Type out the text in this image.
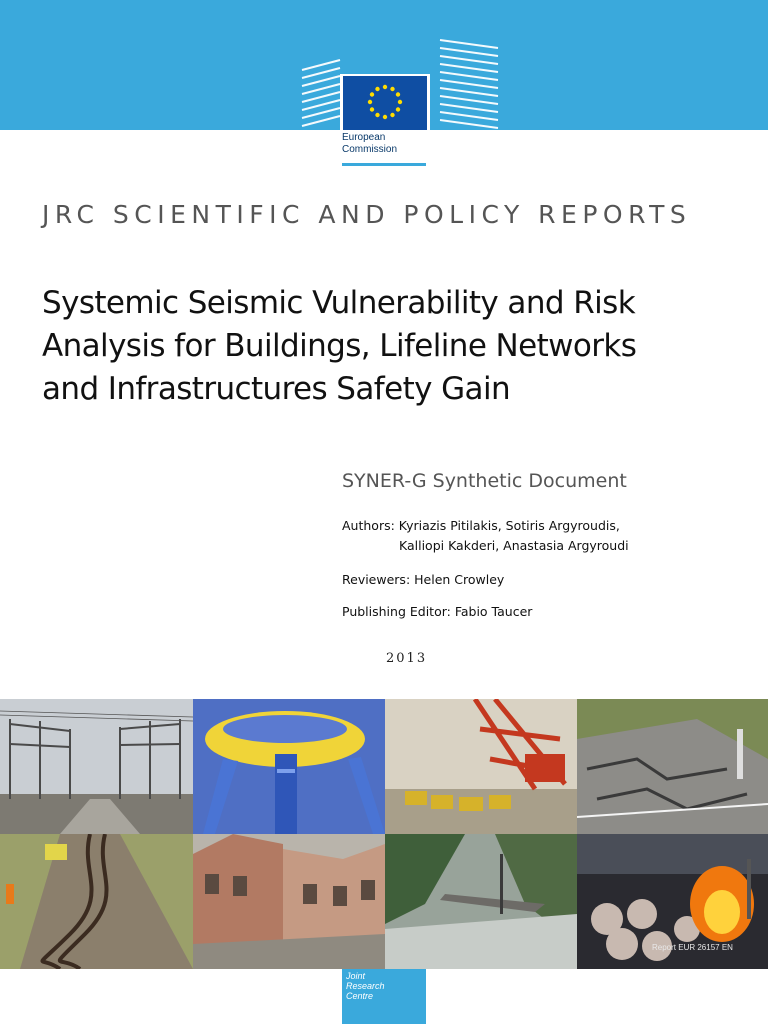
European
Commission
JRC SCIENTIFIC AND POLICY REPORTS
Systemic Seismic Vulnerability and Risk
Analysis for Buildings, Lifeline Networks
and Infrastructures Safety Gain
SYNER-G Synthetic Document
Authors: Kyriazis Pitilakis, Sotiris Argyroudis,
Kalliopi Kakderi, Anastasia Argyroudi
Reviewers: Helen Crowley
Publishing Editor: Fabio Taucer
2013
Report EUR 26157 EN
Joint
Research
Centre
